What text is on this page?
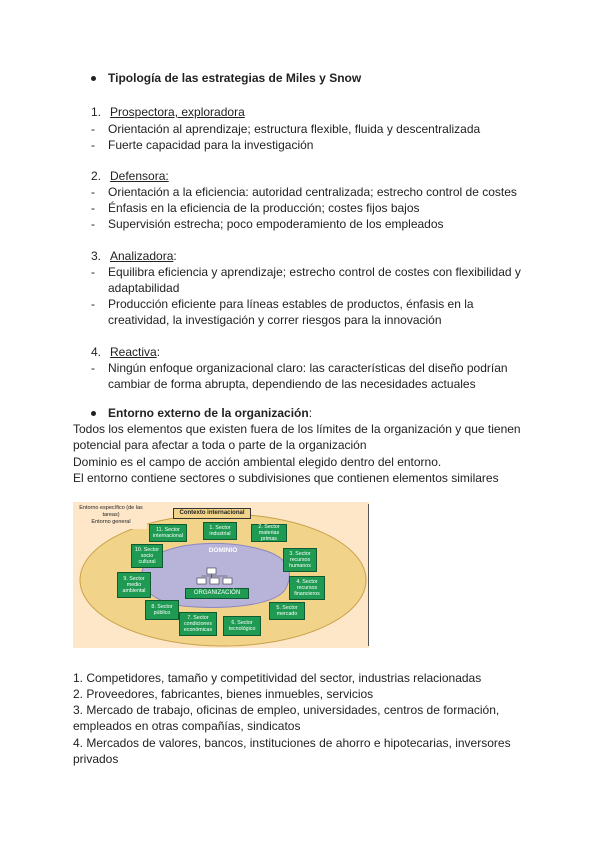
Tipología de las estrategias de Miles y Snow
1. Prospectora, exploradora
- Orientación al aprendizaje; estructura flexible, fluida y descentralizada
- Fuerte capacidad para la investigación
2. Defensora:
- Orientación a la eficiencia: autoridad centralizada; estrecho control de costes
- Énfasis en la eficiencia de la producción; costes fijos bajos
- Supervisión estrecha; poco empoderamiento de los empleados
3. Analizadora:
- Equilibra eficiencia y aprendizaje; estrecho control de costes con flexibilidad y
adaptabilidad
- Producción eficiente para líneas estables de productos, énfasis en la
creatividad, la investigación y correr riesgos para la innovación
4. Reactiva:
- Ningún enfoque organizacional claro: las características del diseño podrían
cambiar de forma abrupta, dependiendo de las necesidades actuales
Entorno externo de la organización:
Todos los elementos que existen fuera de los límites de la organización y que tienen
potencial para afectar a toda o parte de la organización
Dominio es el campo de acción ambiental elegido dentro del entorno.
El entorno contiene sectores o subdivisiones que contienen elementos similares
Entorno específico (de las tareas)
Entorno general
Contexto internacional
11. Sector internacional
1. Sector industrial
2. Sector materias primas
10. Sector socio cultural
3. Sector recursos humanos
9. Sector medio ambiental
4. Sector recursos financieros
8. Sector público
5. Sector mercado
7. Sector condiciones económicas
6. Sector tecnológico
DOMINIO
ORGANIZACIÓN
1. Competidores, tamaño y competitividad del sector, industrias relacionadas
2. Proveedores, fabricantes, bienes inmuebles, servicios
3. Mercado de trabajo, oficinas de empleo, universidades, centros de formación,
empleados en otras compañías, sindicatos
4. Mercados de valores, bancos, instituciones de ahorro e hipotecarias, inversores
privados
